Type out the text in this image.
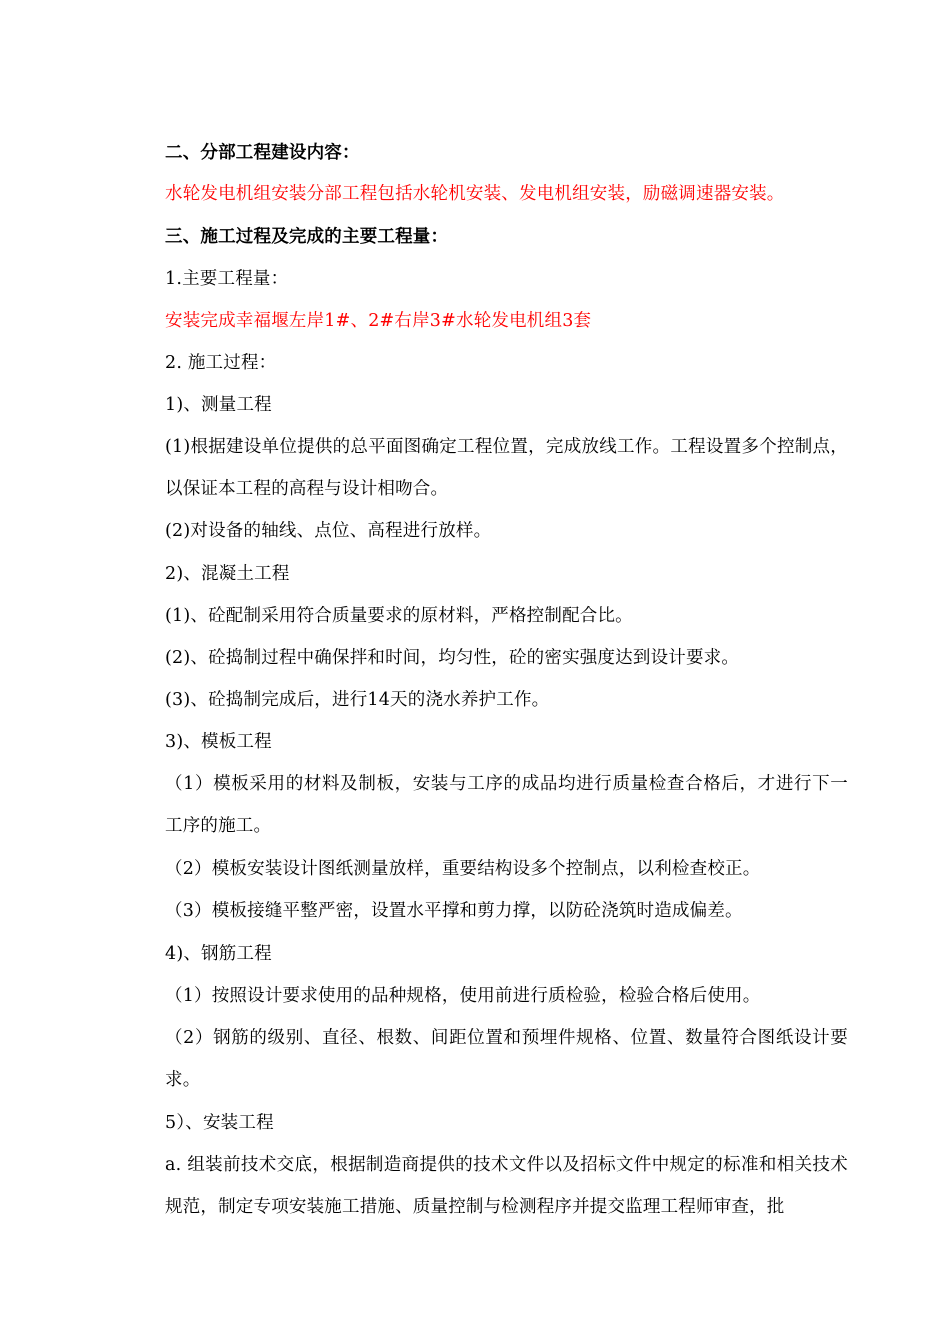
二、分部工程建设内容：
水轮发电机组安装分部工程包括水轮机安装、发电机组安装，励磁调速器安装。
三、施工过程及完成的主要工程量：
1.主要工程量：
安装完成幸福堰左岸1#、2#右岸3#水轮发电机组3套
2. 施工过程：
1)、测量工程
(1)根据建设单位提供的总平面图确定工程位置，完成放线工作。工程设置多个控制点，以保证本工程的高程与设计相吻合。
(2)对设备的轴线、点位、高程进行放样。
2)、混凝土工程
(1)、砼配制采用符合质量要求的原材料，严格控制配合比。
(2)、砼捣制过程中确保拌和时间，均匀性，砼的密实强度达到设计要求。
(3)、砼捣制完成后，进行14天的浇水养护工作。
3)、模板工程
（1）模板采用的材料及制板，安装与工序的成品均进行质量检查合格后，才进行下一工序的施工。
（2）模板安装设计图纸测量放样，重要结构设多个控制点，以利检查校正。
（3）模板接缝平整严密，设置水平撑和剪力撑，以防砼浇筑时造成偏差。
4)、钢筋工程
（1）按照设计要求使用的品种规格，使用前进行质检验，检验合格后使用。
（2）钢筋的级别、直径、根数、间距位置和预埋件规格、位置、数量符合图纸设计要求。
5）、安装工程
a. 组装前技术交底，根据制造商提供的技术文件以及招标文件中规定的标准和相关技术规范，制定专项安装施工措施、质量控制与检测程序并提交监理工程师审查，批
